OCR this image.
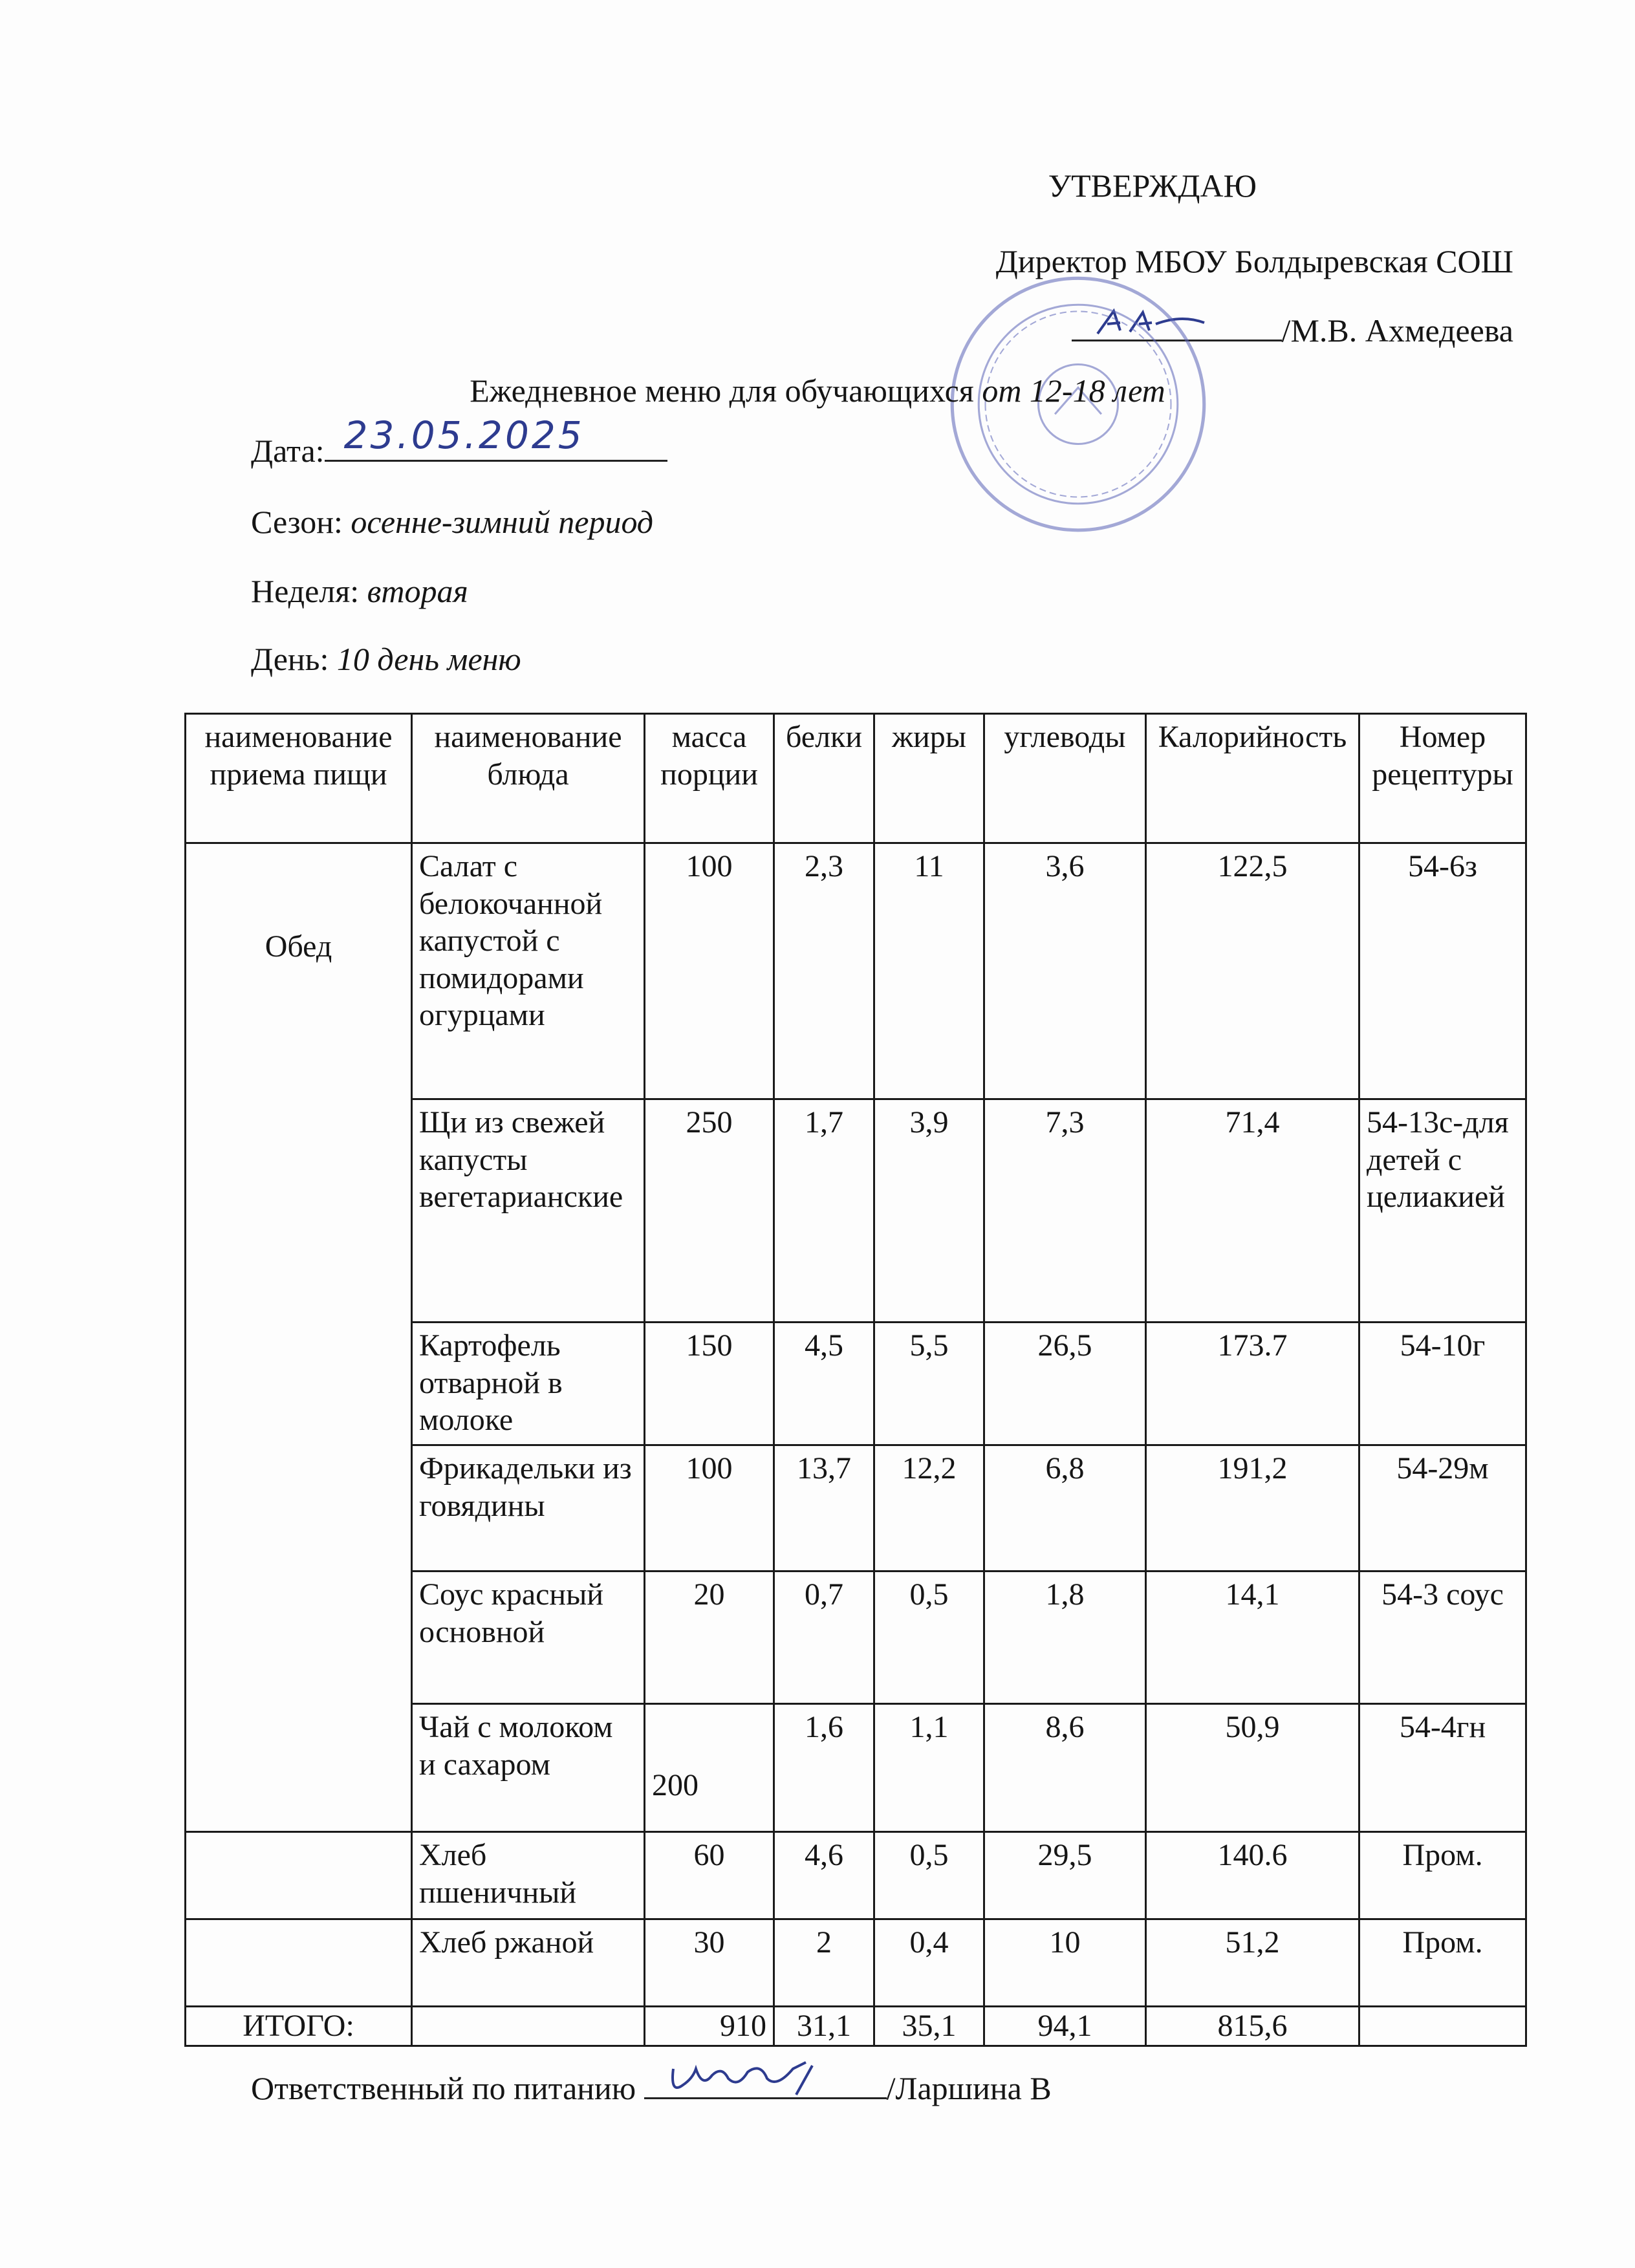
УТВЕРЖДАЮ
Директор МБОУ Болдыревская СОШ
/М.В. Ахмедеева
Ежедневное меню для обучающихся от 12-18 лет
Дата: 23.05.2025
Сезон: осенне-зимний период
Неделя: вторая
День: 10 день меню
наименование приема пищи	наименование блюда	масса порции	белки	жиры	углеводы	Калорийность	Номер рецептуры
Обед	Салат с белокочанной капустой с помидорами огурцами	100	2,3	11	3,6	122,5	54-6з
	Щи из свежей капусты вегетарианские	250	1,7	3,9	7,3	71,4	54-13с-для детей с целиакией
	Картофель отварной в молоке	150	4,5	5,5	26,5	173.7	54-10г
	Фрикадельки из говядины	100	13,7	12,2	6,8	191,2	54-29м
	Соус красный основной	20	0,7	0,5	1,8	14,1	54-3 соус
	Чай с молоком и сахаром	200	1,6	1,1	8,6	50,9	54-4гн
	Хлеб пшеничный	60	4,6	0,5	29,5	140.6	Пром.
	Хлеб ржаной	30	2	0,4	10	51,2	Пром.
ИТОГО:		910	31,1	35,1	94,1	815,6	
Ответственный по питанию	/Ларшина В
